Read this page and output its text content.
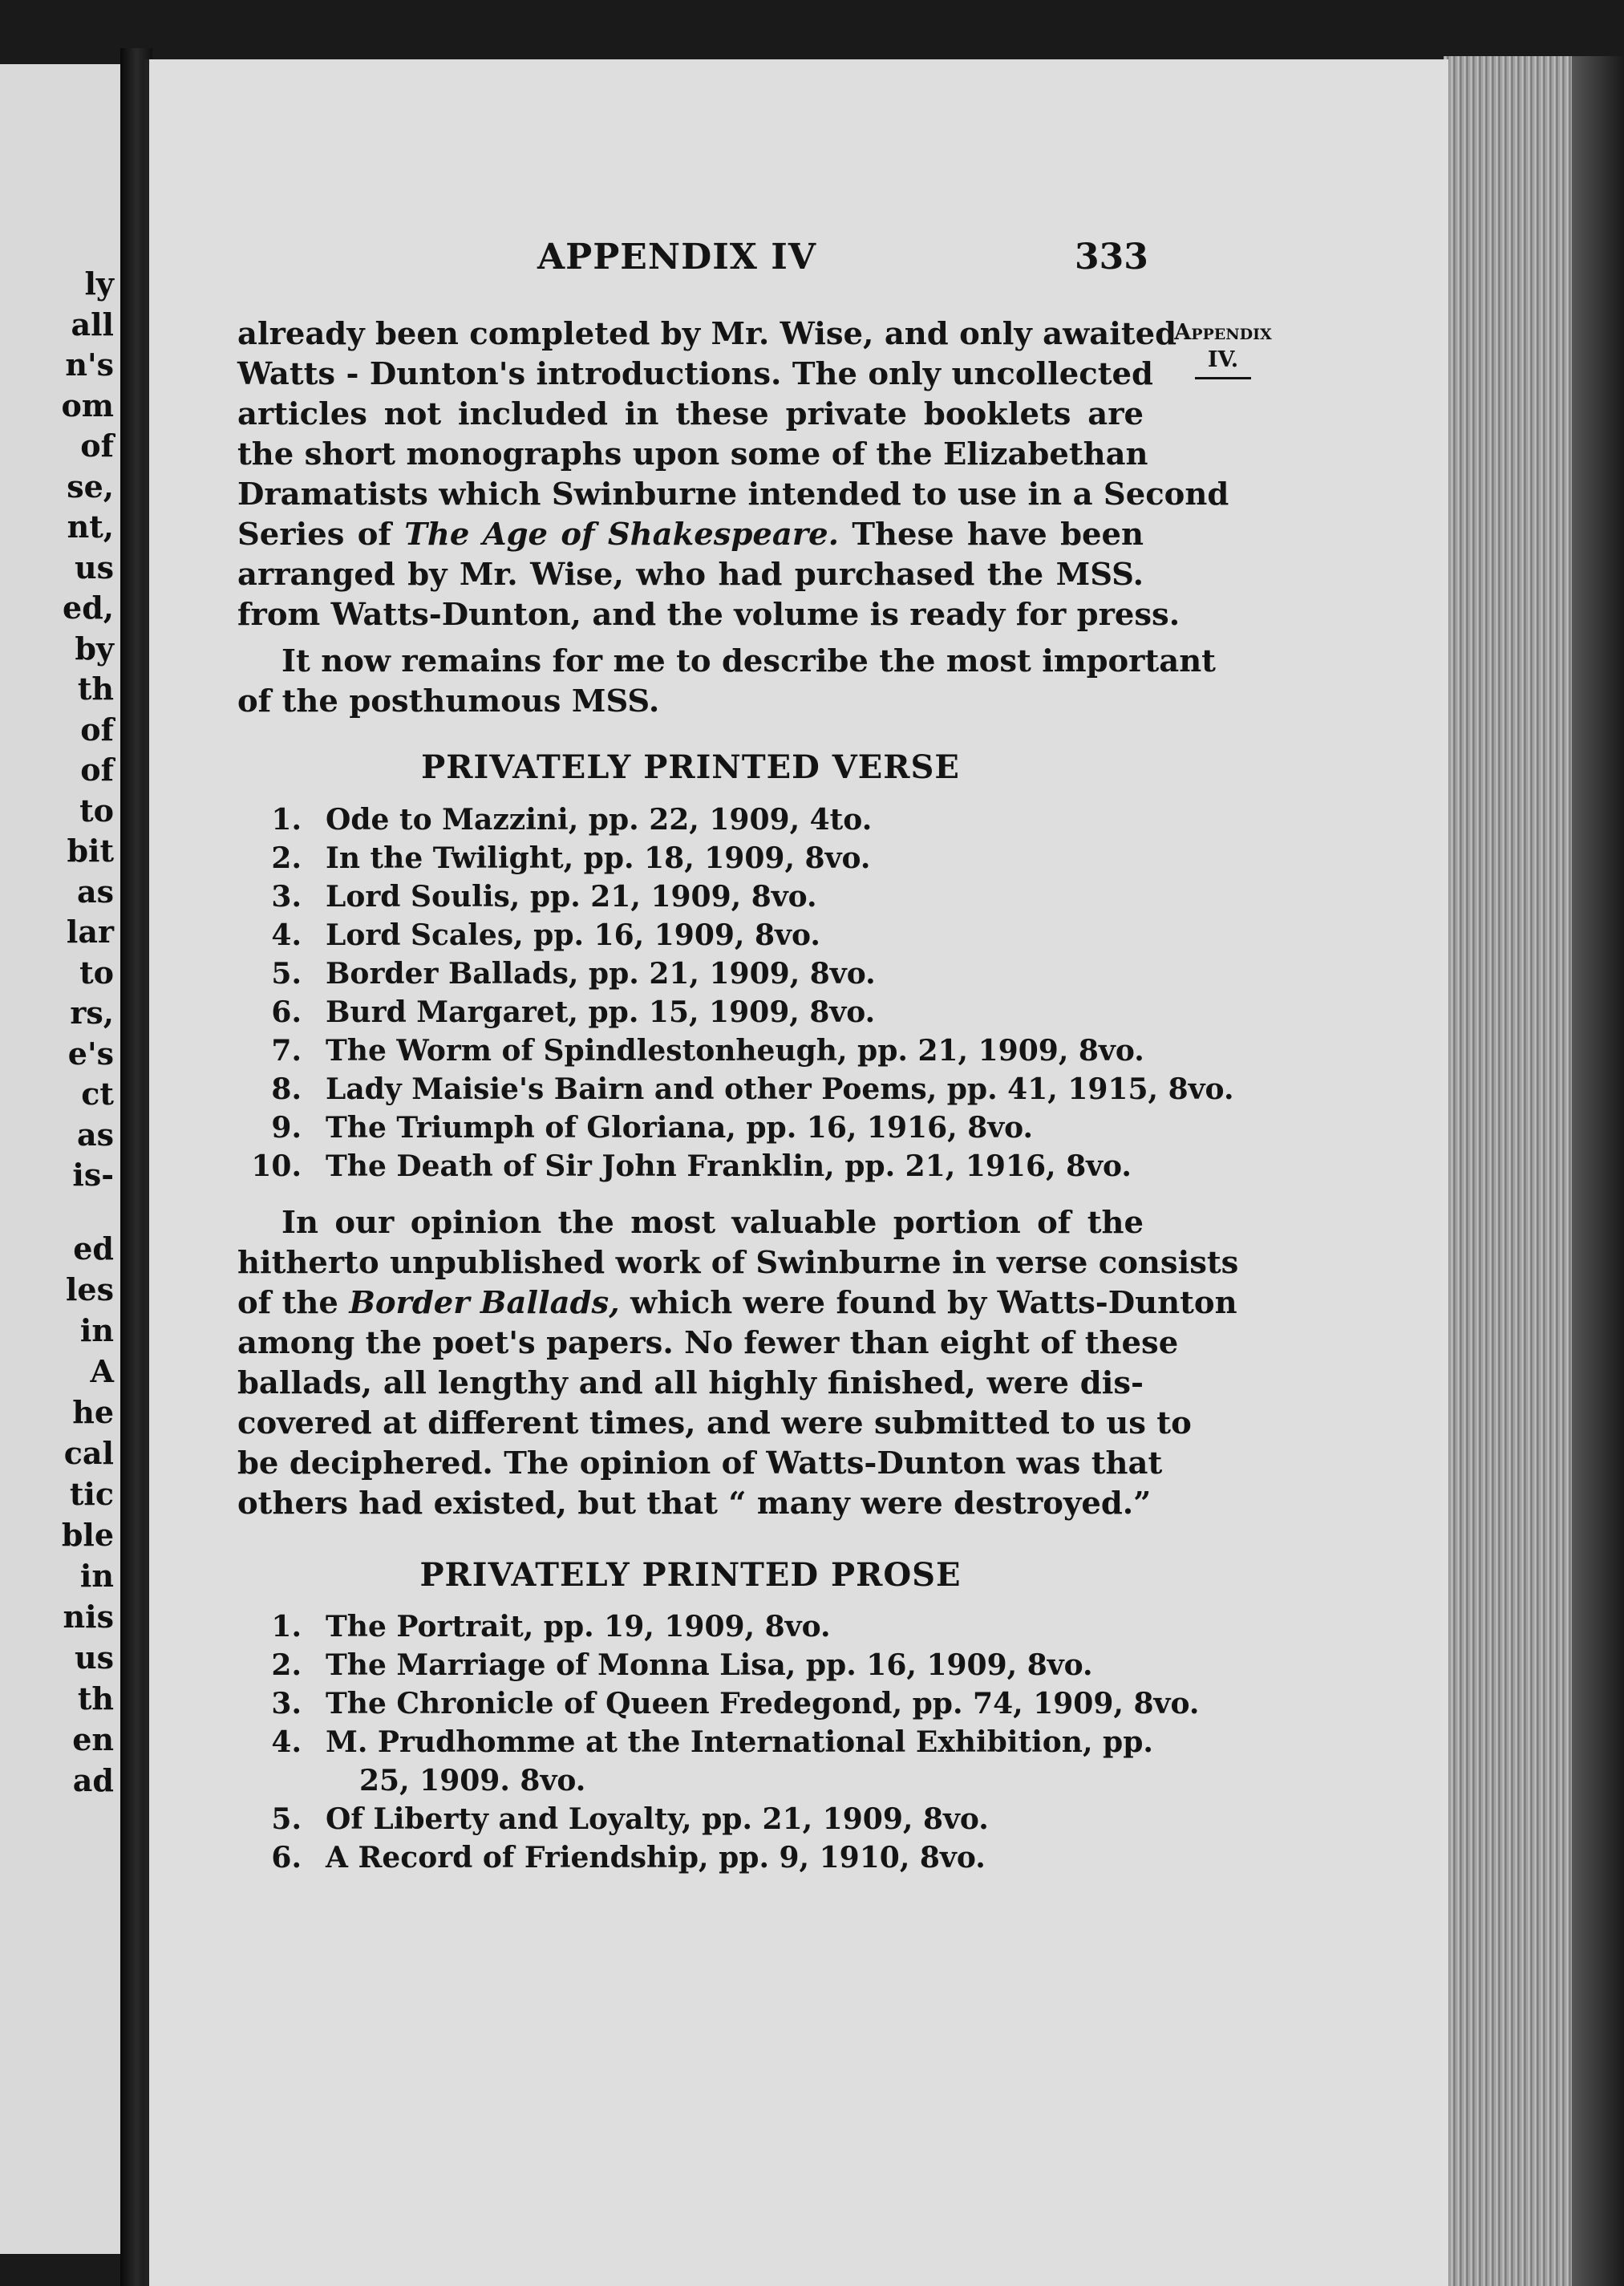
ly
all
n's
om
of
se,
nt,
us
ed,
by
th
of
of
to
bit
as
lar
to
rs,
e's
ct
as
is-
ed
les
in
A
he
cal
tic
ble
in
nis
us
th
en
ad
APPENDIX IV	333
Appendix
IV.

already been completed by Mr. Wise, and only awaited
Watts - Dunton's introductions. The only uncollected
articles not included in these private booklets are
the short monographs upon some of the Elizabethan
Dramatists which Swinburne intended to use in a Second
Series of The Age of Shakespeare. These have been
arranged by Mr. Wise, who had purchased the MSS.
from Watts-Dunton, and the volume is ready for press.

It now remains for me to describe the most important
of the posthumous MSS.

PRIVATELY PRINTED VERSE
1. Ode to Mazzini, pp. 22, 1909, 4to.
2. In the Twilight, pp. 18, 1909, 8vo.
3. Lord Soulis, pp. 21, 1909, 8vo.
4. Lord Scales, pp. 16, 1909, 8vo.
5. Border Ballads, pp. 21, 1909, 8vo.
6. Burd Margaret, pp. 15, 1909, 8vo.
7. The Worm of Spindlestonheugh, pp. 21, 1909, 8vo.
8. Lady Maisie's Bairn and other Poems, pp. 41, 1915, 8vo.
9. The Triumph of Gloriana, pp. 16, 1916, 8vo.
10. The Death of Sir John Franklin, pp. 21, 1916, 8vo.

In our opinion the most valuable portion of the
hitherto unpublished work of Swinburne in verse consists
of the Border Ballads, which were found by Watts-Dunton
among the poet's papers. No fewer than eight of these
ballads, all lengthy and all highly finished, were dis-
covered at different times, and were submitted to us to
be deciphered. The opinion of Watts-Dunton was that
others had existed, but that “ many were destroyed.”

PRIVATELY PRINTED PROSE
1. The Portrait, pp. 19, 1909, 8vo.
2. The Marriage of Monna Lisa, pp. 16, 1909, 8vo.
3. The Chronicle of Queen Fredegond, pp. 74, 1909, 8vo.
4. M. Prudhomme at the International Exhibition, pp.
25, 1909. 8vo.
5. Of Liberty and Loyalty, pp. 21, 1909, 8vo.
6. A Record of Friendship, pp. 9, 1910, 8vo.
